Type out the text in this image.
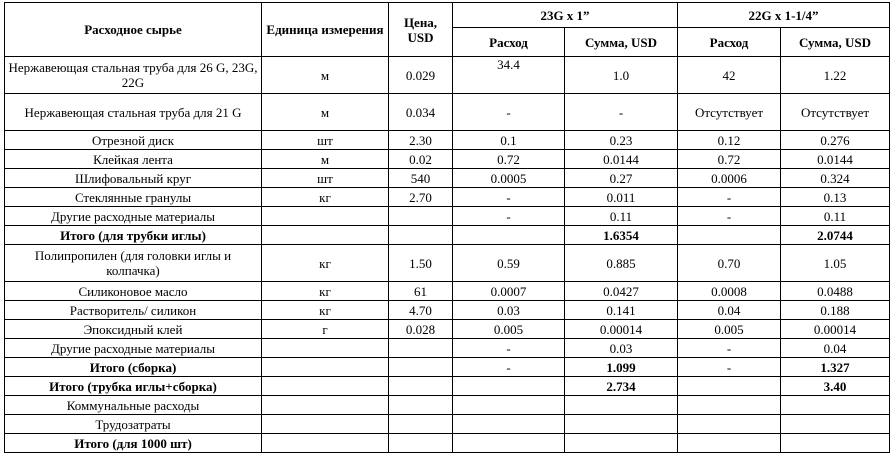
Расходное сырье	Единица измерения	Цена, USD	23G x 1”		22G x 1-1/4”	
			Расход	Сумма, USD	Расход	Сумма, USD
Нержавеющая стальная труба для 26 G, 23G, 22G	м	0.029	34.4	1.0	42	1.22
Нержавеющая стальная труба для 21 G	м	0.034	-	-	Отсутствует	Отсутствует
Отрезной диск	шт	2.30	0.1	0.23	0.12	0.276
Клейкая лента	м	0.02	0.72	0.0144	0.72	0.0144
Шлифовальный круг	шт	540	0.0005	0.27	0.0006	0.324
Стеклянные гранулы	кг	2.70	-	0.011	-	0.13
Другие расходные материалы			-	0.11	-	0.11
Итого (для трубки иглы)				1.6354		2.0744
Полипропилен (для головки иглы и колпачка)	кг	1.50	0.59	0.885	0.70	1.05
Силиконовое масло	кг	61	0.0007	0.0427	0.0008	0.0488
Растворитель/ силикон	кг	4.70	0.03	0.141	0.04	0.188
Эпоксидный клей	г	0.028	0.005	0.00014	0.005	0.00014
Другие расходные материалы			-	0.03	-	0.04
Итого (сборка)			-	1.099	-	1.327
Итого (трубка иглы+сборка)				2.734		3.40
Коммунальные расходы						
Трудозатраты						
Итого (для 1000 шт)						
